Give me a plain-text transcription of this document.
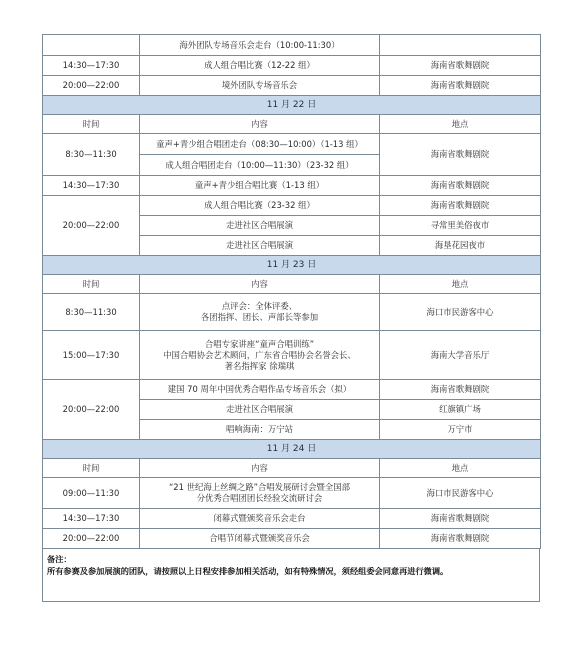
	海外团队专场音乐会走台（10:00-11:30）	
14:30—17:30	成人组合唱比赛（12-22 组）	海南省歌舞剧院
20:00—22:00	境外团队专场音乐会	海南省歌舞剧院
11 月 22 日		
时间	内容	地点
8:30—11:30	童声+青少组合唱团走台（08:30—10:00）（1-13 组）	海南省歌舞剧院
	成人组合唱团走台（10:00—11:30）（23-32 组）	
14:30—17:30	童声+青少组合唱比赛（1-13 组）	海南省歌舞剧院
20:00—22:00	成人组合唱比赛（23-32 组）	海南省歌舞剧院
	走进社区合唱展演	寻常里美俗夜市
	走进社区合唱展演	海垦花园夜市
11 月 23 日		
时间	内容	地点
8:30—11:30	点评会：全体评委、
各团指挥、团长、声部长等参加	海口市民游客中心
15:00—17:30	合唱专家讲座“童声合唱训练”
中国合唱协会艺术顾问，广东省合唱协会名誉会长、
著名指挥家 徐瑞琪	海南大学音乐厅
20:00—22:00	建国 70 周年中国优秀合唱作品专场音乐会（拟）	海南省歌舞剧院
	走进社区合唱展演	红旗镇广场
	唱响海南：万宁站	万宁市
11 月 24 日		
时间	内容	地点
09:00—11:30	“21 世纪海上丝绸之路”合唱发展研讨会暨全国部
分优秀合唱团团长经验交流研讨会	海口市民游客中心
14:30—17:30	闭幕式暨颁奖音乐会走台	海南省歌舞剧院
20:00—22:00	合唱节闭幕式暨颁奖音乐会	海南省歌舞剧院
备注：
所有参赛及参加展演的团队，请按照以上日程安排参加相关活动，如有特殊情况，须经组委会同意再进行微调。
